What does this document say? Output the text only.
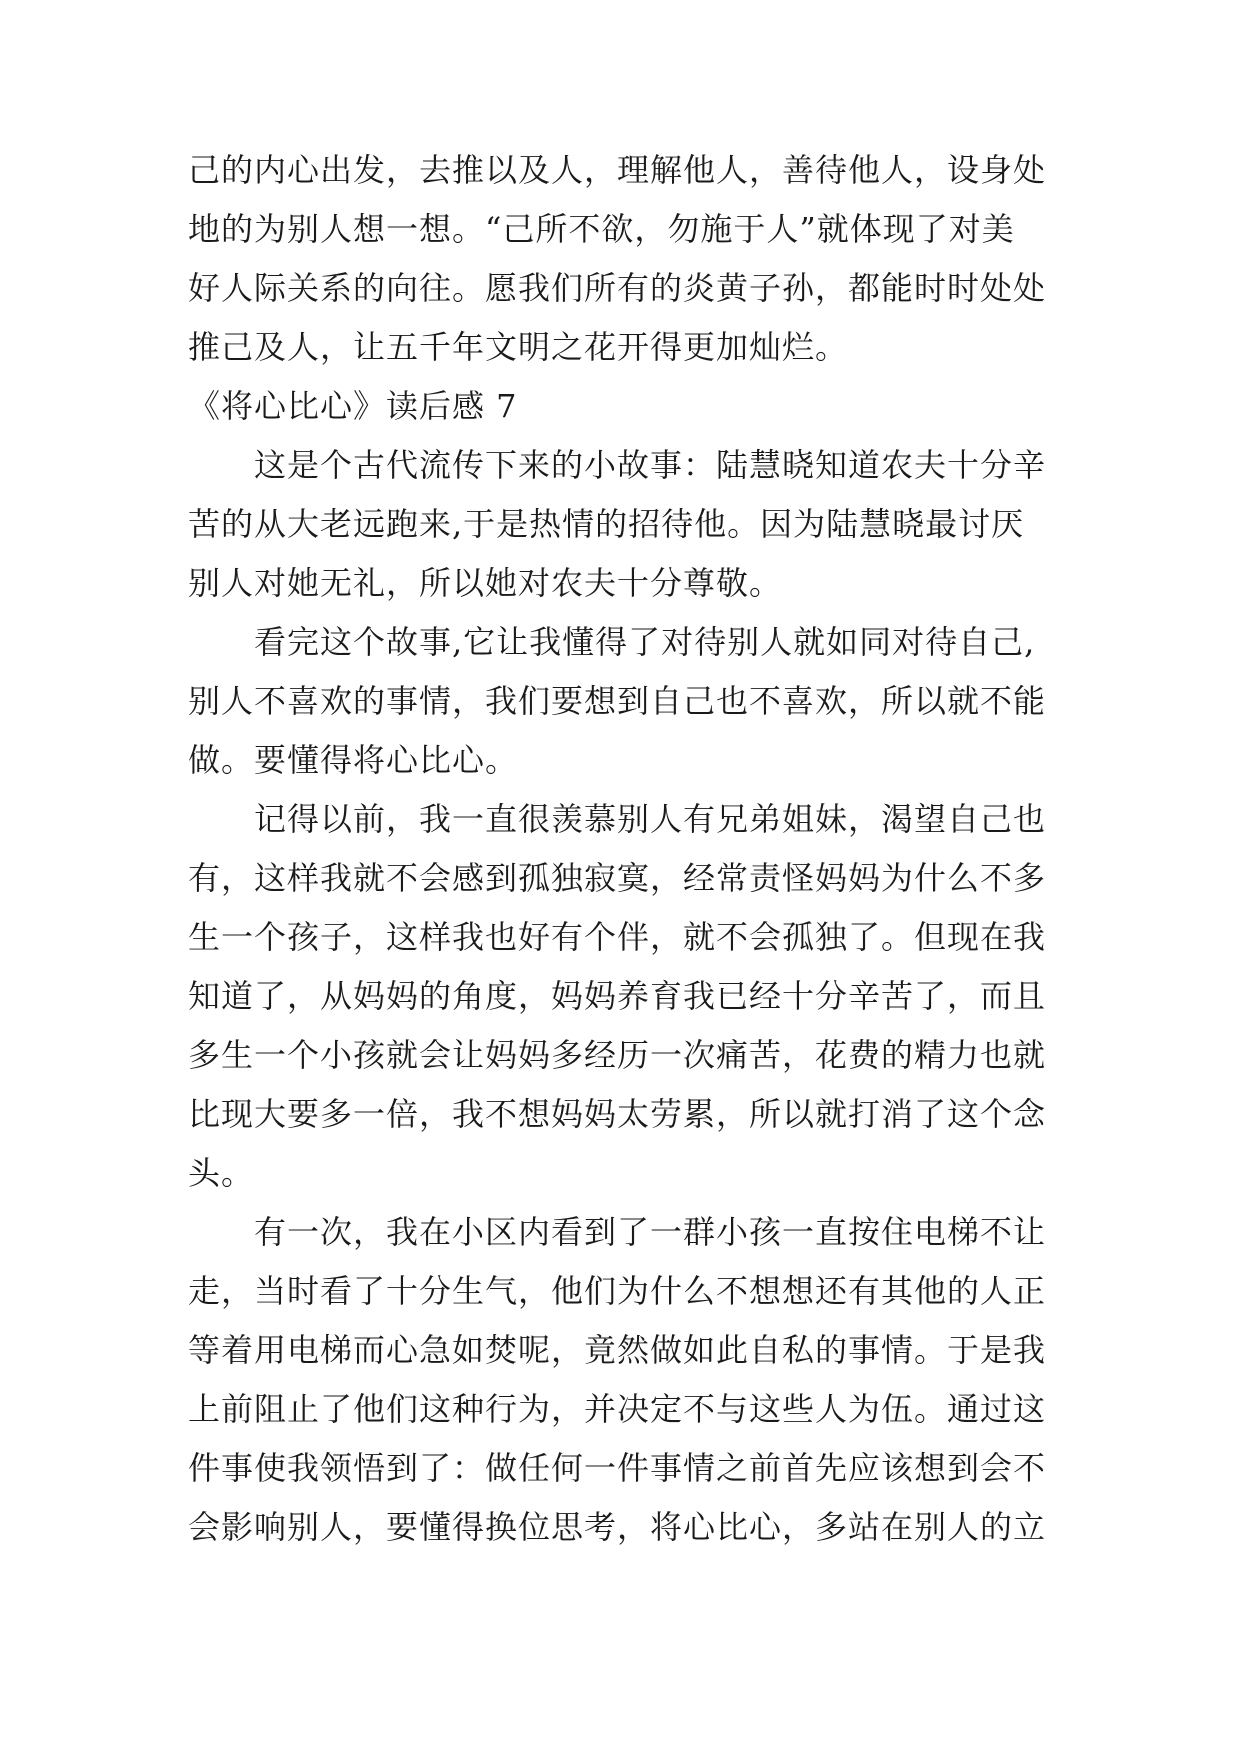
己的内心出发，去推以及人，理解他人，善待他人，设身处
地的为别人想一想。“己所不欲，勿施于人”就体现了对美
好人际关系的向往。愿我们所有的炎黄子孙，都能时时处处
推己及人，让五千年文明之花开得更加灿烂。
《将心比心》读后感 7
这是个古代流传下来的小故事：陆慧晓知道农夫十分辛
苦的从大老远跑来,于是热情的招待他。因为陆慧晓最讨厌
别人对她无礼，所以她对农夫十分尊敬。
看完这个故事,它让我懂得了对待别人就如同对待自己,
别人不喜欢的事情，我们要想到自己也不喜欢，所以就不能
做。要懂得将心比心。
记得以前，我一直很羡慕别人有兄弟姐妹，渴望自己也
有，这样我就不会感到孤独寂寞，经常责怪妈妈为什么不多
生一个孩子，这样我也好有个伴，就不会孤独了。但现在我
知道了，从妈妈的角度，妈妈养育我已经十分辛苦了，而且
多生一个小孩就会让妈妈多经历一次痛苦，花费的精力也就
比现大要多一倍，我不想妈妈太劳累，所以就打消了这个念
头。
有一次，我在小区内看到了一群小孩一直按住电梯不让
走，当时看了十分生气，他们为什么不想想还有其他的人正
等着用电梯而心急如焚呢，竟然做如此自私的事情。于是我
上前阻止了他们这种行为，并决定不与这些人为伍。通过这
件事使我领悟到了：做任何一件事情之前首先应该想到会不
会影响别人，要懂得换位思考，将心比心，多站在别人的立
